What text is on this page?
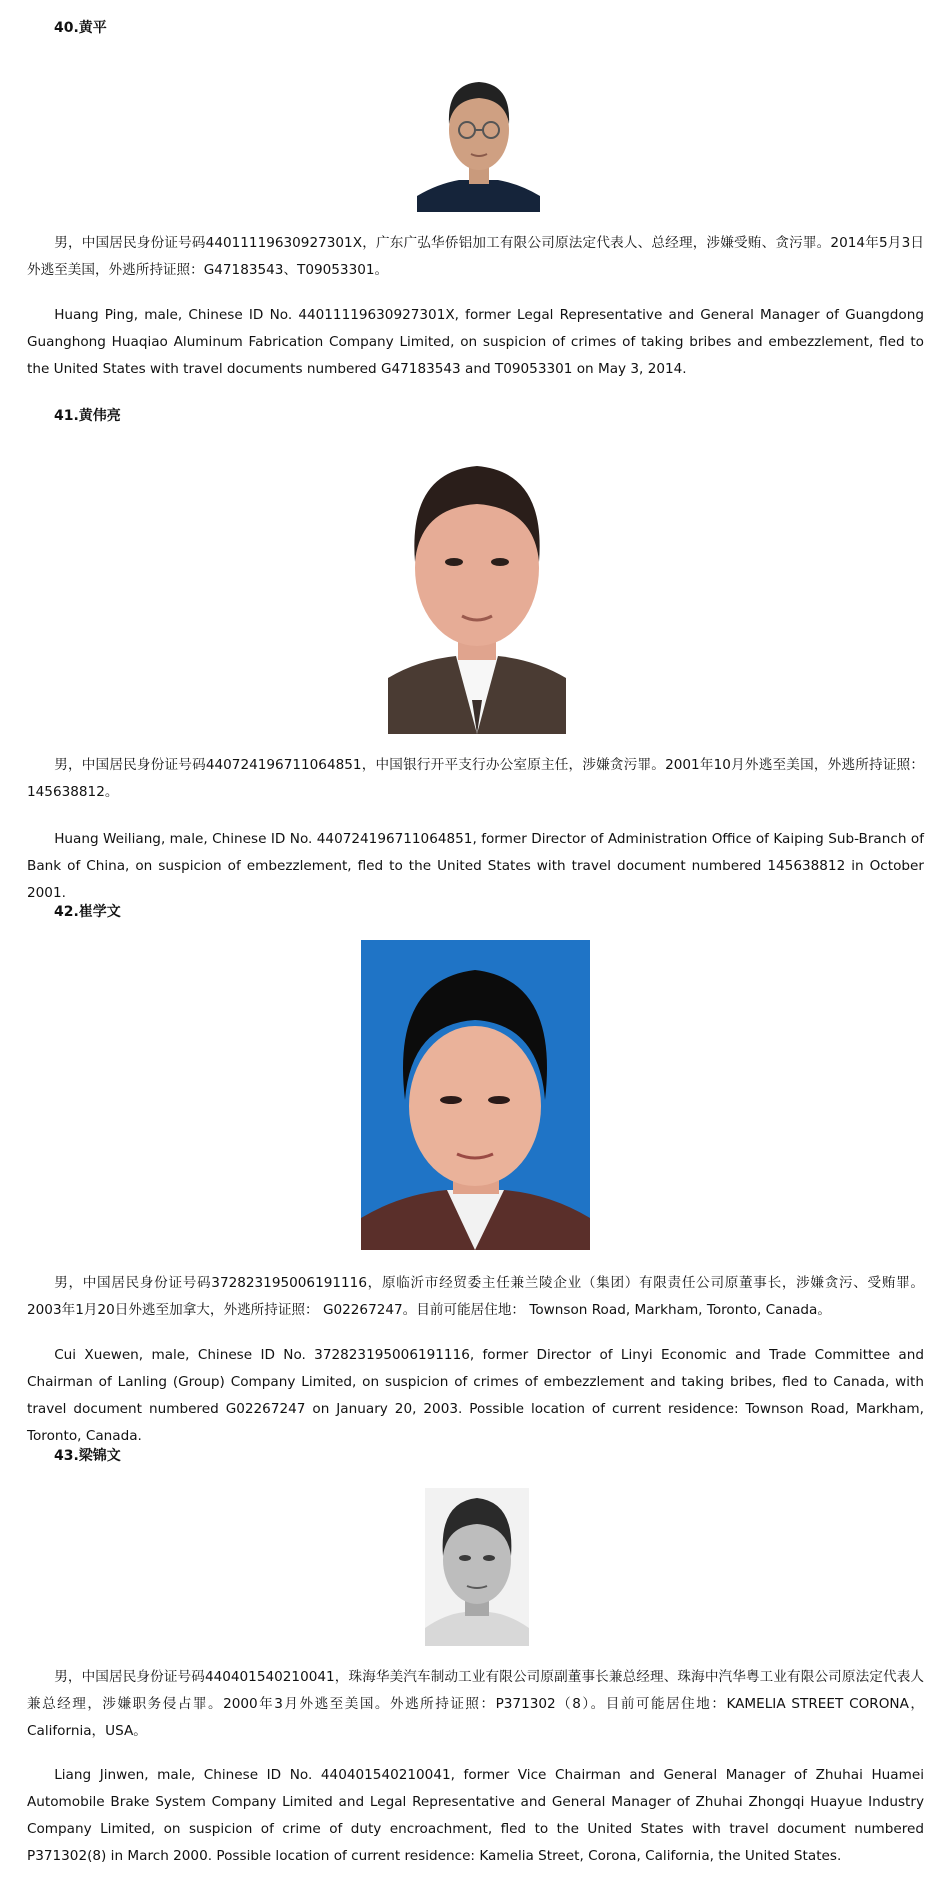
40.黄平

男，中国居民身份证号码44011119630927301X，广东广弘华侨铝加工有限公司原法定代表人、总经理，涉嫌受贿、贪污罪。2014年5月3日外逃至美国，外逃所持证照：G47183543、T09053301。

Huang Ping, male, Chinese ID No. 44011119630927301X, former Legal Representative and General Manager of Guangdong Guanghong Huaqiao Aluminum Fabrication Company Limited, on suspicion of crimes of taking bribes and embezzlement, fled to the United States with travel documents numbered G47183543 and T09053301 on May 3, 2014.

41.黄伟亮

男，中国居民身份证号码440724196711064851，中国银行开平支行办公室原主任，涉嫌贪污罪。2001年10月外逃至美国，外逃所持证照：145638812。

Huang Weiliang, male, Chinese ID No. 440724196711064851, former Director of Administration Office of Kaiping Sub-Branch of Bank of China, on suspicion of embezzlement, fled to the United States with travel document numbered 145638812 in October 2001.

42.崔学文

男，中国居民身份证号码372823195006191116，原临沂市经贸委主任兼兰陵企业（集团）有限责任公司原董事长，涉嫌贪污、受贿罪。2003年1月20日外逃至加拿大，外逃所持证照： G02267247。目前可能居住地： Townson Road, Markham, Toronto, Canada。

Cui Xuewen, male, Chinese ID No. 372823195006191116, former Director of Linyi Economic and Trade Committee and Chairman of Lanling (Group) Company Limited, on suspicion of crimes of embezzlement and taking bribes, fled to Canada, with travel document numbered G02267247 on January 20, 2003. Possible location of current residence: Townson Road, Markham, Toronto, Canada.

43.梁锦文

男，中国居民身份证号码440401540210041，珠海华美汽车制动工业有限公司原副董事长兼总经理、珠海中汽华粤工业有限公司原法定代表人兼总经理，涉嫌职务侵占罪。2000年3月外逃至美国。外逃所持证照：P371302（8）。目前可能居住地：KAMELIA STREET CORONA，California，USA。

Liang Jinwen, male, Chinese ID No. 440401540210041, former Vice Chairman and General Manager of Zhuhai Huamei Automobile Brake System Company Limited and Legal Representative and General Manager of Zhuhai Zhongqi Huayue Industry Company Limited, on suspicion of crime of duty encroachment, fled to the United States with travel document numbered P371302(8) in March 2000. Possible location of current residence: Kamelia Street, Corona, California, the United States.
